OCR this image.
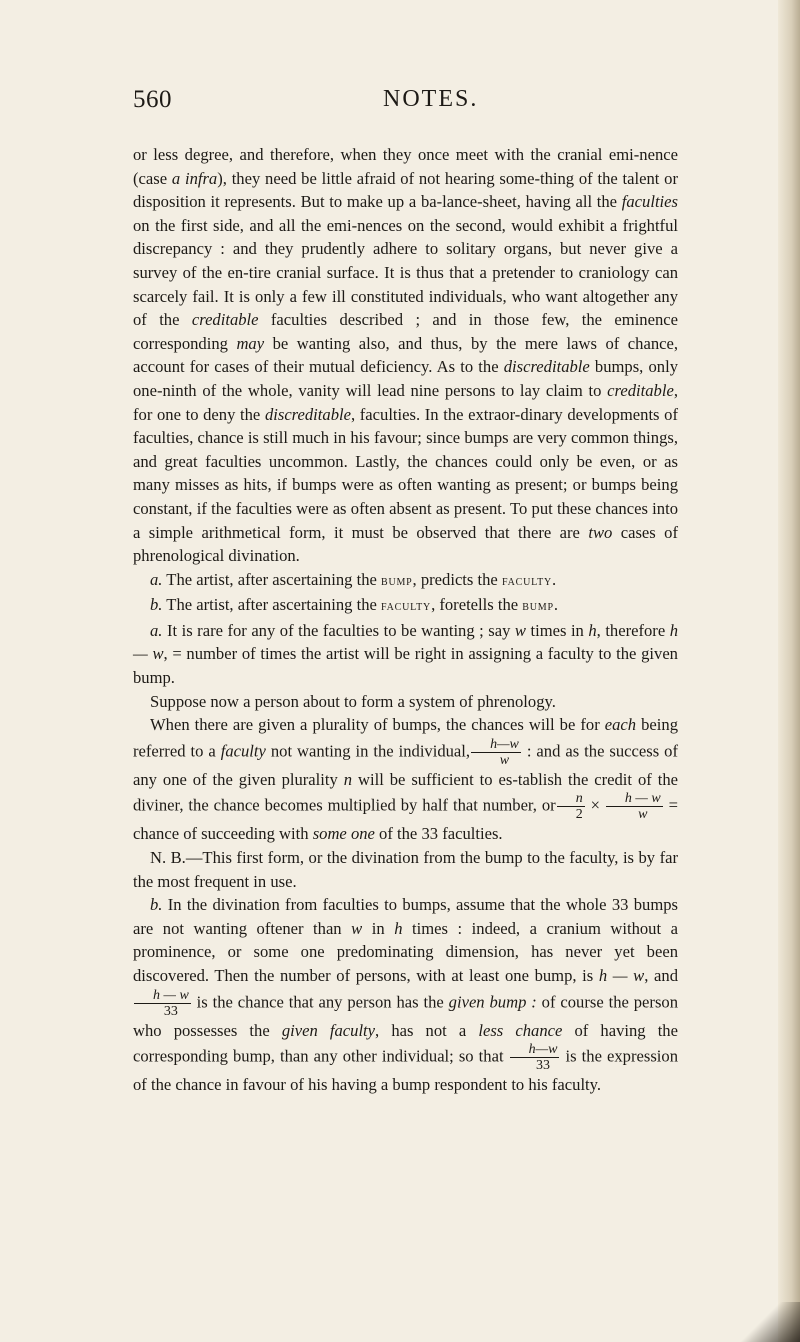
560	NOTES.

or less degree, and therefore, when they once meet with the cranial emi-nence (case a infra), they need be little afraid of not hearing some-thing of the talent or disposition it represents. But to make up a ba-lance-sheet, having all the faculties on the first side, and all the emi-nences on the second, would exhibit a frightful discrepancy : and they prudently adhere to solitary organs, but never give a survey of the en-tire cranial surface. It is thus that a pretender to craniology can scarcely fail. It is only a few ill constituted individuals, who want altogether any of the creditable faculties described ; and in those few, the eminence corresponding may be wanting also, and thus, by the mere laws of chance, account for cases of their mutual deficiency. As to the discreditable bumps, only one-ninth of the whole, vanity will lead nine persons to lay claim to creditable, for one to deny the discreditable, faculties. In the extraor-dinary developments of faculties, chance is still much in his favour; since bumps are very common things, and great faculties uncommon. Lastly, the chances could only be even, or as many misses as hits, if bumps were as often wanting as present; or bumps being constant, if the faculties were as often absent as present. To put these chances into a simple arithmetical form, it must be observed that there are two cases of phrenological divination.

a. The artist, after ascertaining the bump, predicts the faculty.

b. The artist, after ascertaining the faculty, foretells the bump.

a. It is rare for any of the faculties to be wanting ; say w times in h, therefore h — w, = number of times the artist will be right in assigning a faculty to the given bump.

Suppose now a person about to form a system of phrenology.

When there are given a plurality of bumps, the chances will be for each being referred to a faculty not wanting in the individual, $\frac{h—w}{w}$ : and as the success of any one of the given plurality n will be sufficient to es-tablish the credit of the diviner, the chance becomes multiplied by half that number, or $\frac{n}{2} \times \frac{h — w}{w}$ = chance of succeeding with some one of the 33 faculties.

N. B.—This first form, or the divination from the bump to the faculty, is by far the most frequent in use.

b. In the divination from faculties to bumps, assume that the whole 33 bumps are not wanting oftener than w in h times : indeed, a cranium without a prominence, or some one predominating dimension, has never yet been discovered. Then the number of persons, with at least one bump, is h — w, and
$\frac{h — w}{33}$ is the chance that any person has the given bump : of course the person who possesses the given faculty, has not a less chance of having the corresponding bump, than any other individual; so that $\frac{h—w}{33}$ is the expression of the chance in favour of his having a bump respondent to his faculty.
